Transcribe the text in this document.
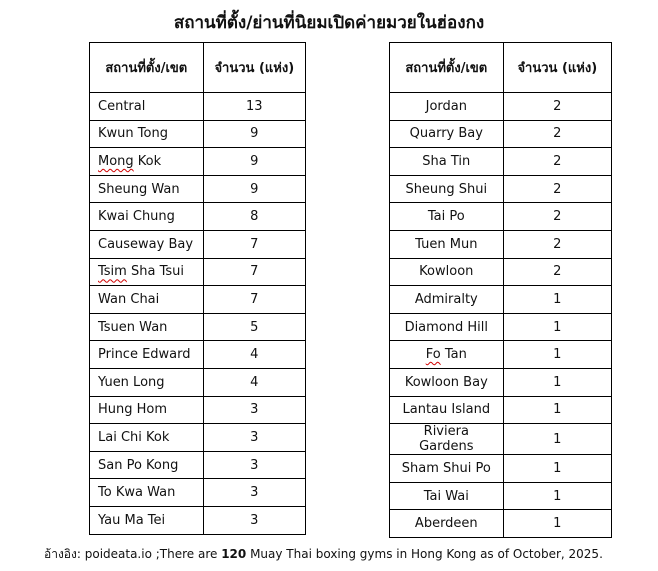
สถานที่ตั้ง/ย่านที่นิยมเปิดค่ายมวยในฮ่องกง
สถานที่ตั้ง/เขต	จำนวน (แห่ง)
Central	13
Kwun Tong	9
Mong Kok	9
Sheung Wan	9
Kwai Chung	8
Causeway Bay	7
Tsim Sha Tsui	7
Wan Chai	7
Tsuen Wan	5
Prince Edward	4
Yuen Long	4
Hung Hom	3
Lai Chi Kok	3
San Po Kong	3
To Kwa Wan	3
Yau Ma Tei	3
สถานที่ตั้ง/เขต	จำนวน (แห่ง)
Jordan	2
Quarry Bay	2
Sha Tin	2
Sheung Shui	2
Tai Po	2
Tuen Mun	2
Kowloon	2
Admiralty	1
Diamond Hill	1
Fo Tan	1
Kowloon Bay	1
Lantau Island	1
Riviera Gardens	1
Sham Shui Po	1
Tai Wai	1
Aberdeen	1
อ้างอิง: poideata.io ;There are 120 Muay Thai boxing gyms in Hong Kong as of October, 2025.
